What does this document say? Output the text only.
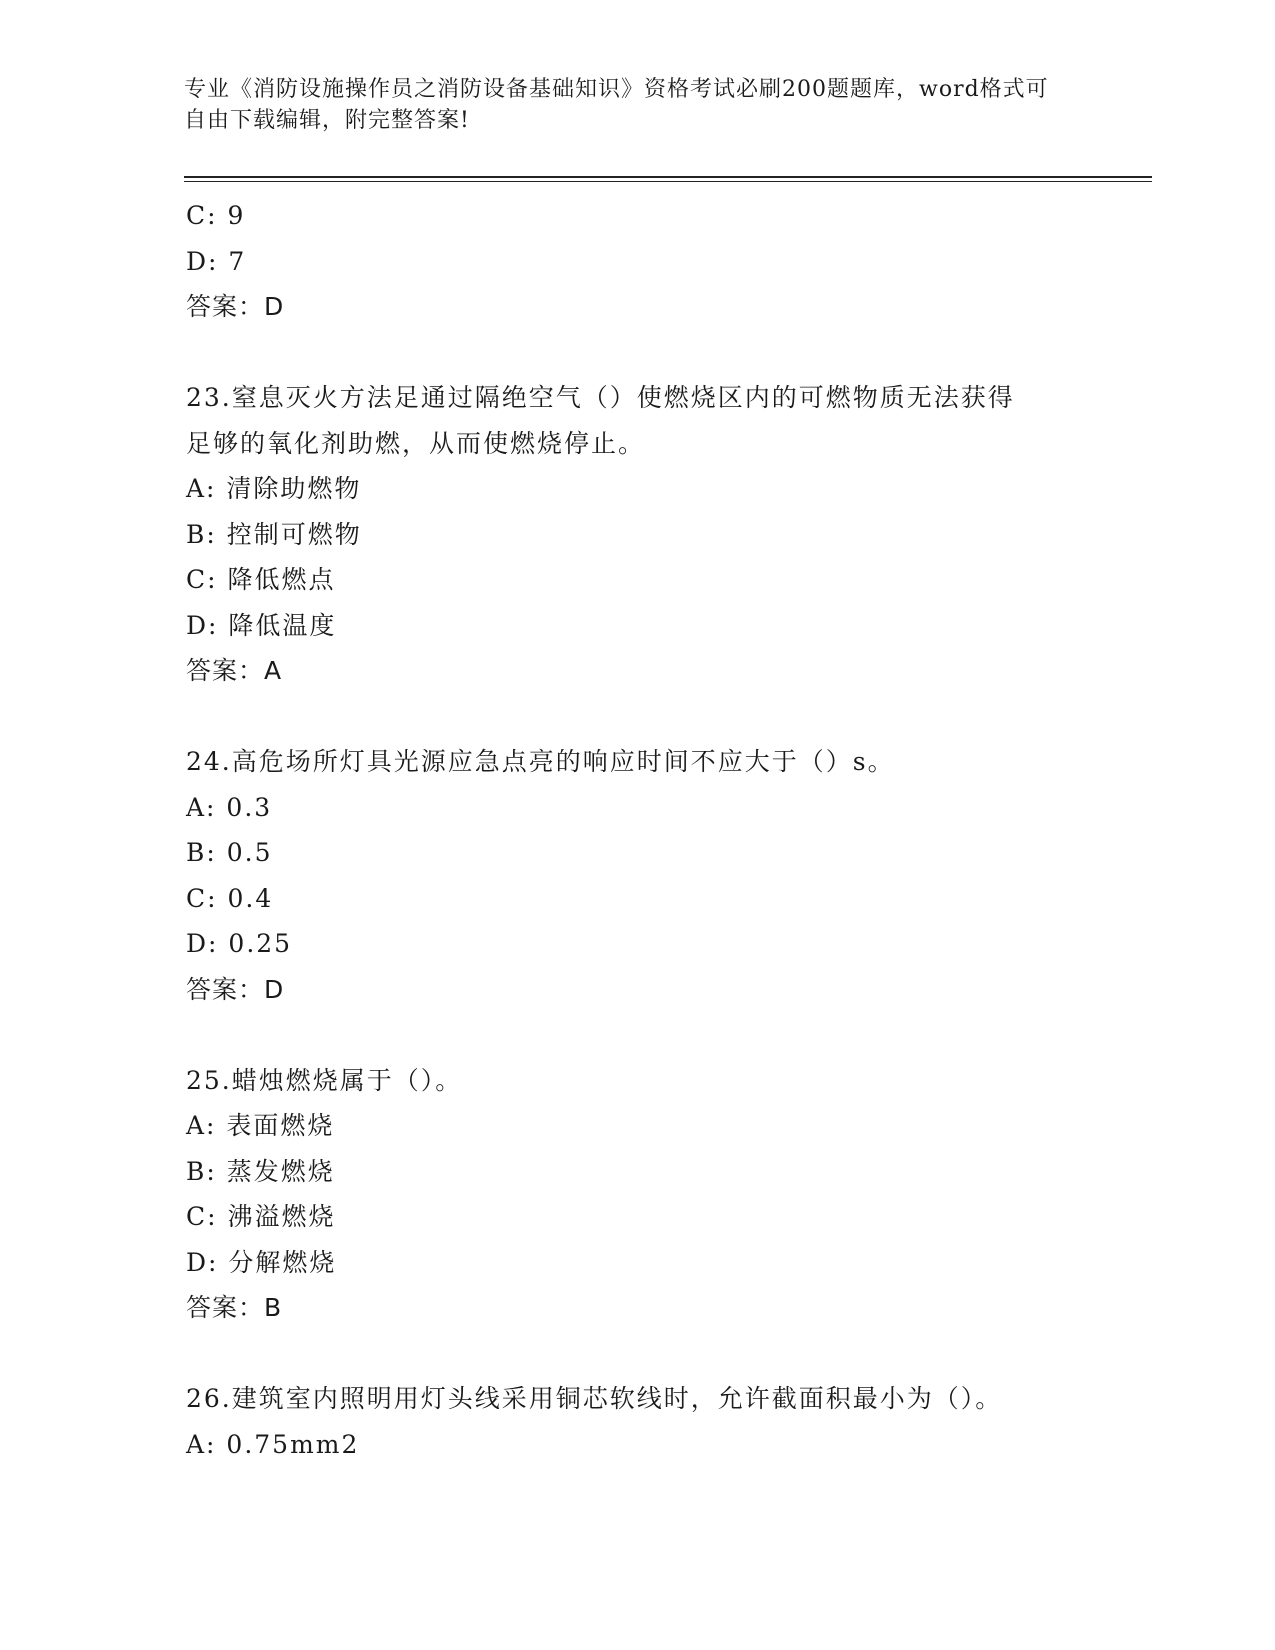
专业《消防设施操作员之消防设备基础知识》资格考试必刷200题题库，word格式可自由下载编辑，附完整答案!
C: 9
D: 7
答案：D
23.窒息灭火方法足通过隔绝空气（）使燃烧区内的可燃物质无法获得
足够的氧化剂助燃，从而使燃烧停止。
A: 清除助燃物
B: 控制可燃物
C: 降低燃点
D: 降低温度
答案：A
24.高危场所灯具光源应急点亮的响应时间不应大于（）s。
A: 0.3
B: 0.5
C: 0.4
D: 0.25
答案：D
25.蜡烛燃烧属于（）。
A: 表面燃烧
B: 蒸发燃烧
C: 沸溢燃烧
D: 分解燃烧
答案：B
26.建筑室内照明用灯头线采用铜芯软线时，允许截面积最小为（）。
A: 0.75mm2
